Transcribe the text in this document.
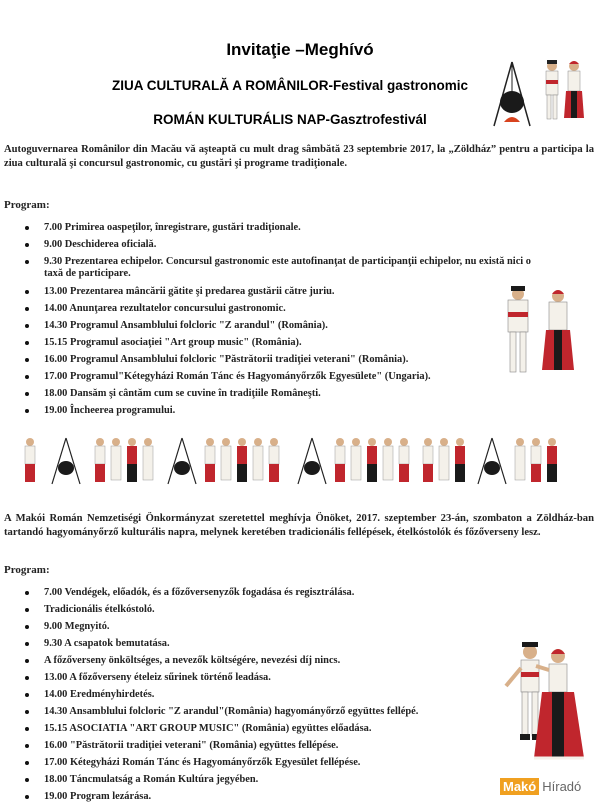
Invitaţie –Meghívó
ZIUA CULTURALĂ A ROMÂNILOR-Festival gastronomic
ROMÁN KULTURÁLIS NAP-Gasztrofestivál
Autoguvernarea Românilor din Macău vă aşteaptă cu mult drag sâmbătă 23 septembrie 2017, la „Zöldház” pentru a participa la ziua culturală şi concursul gastronomic, cu gustări şi programe tradiţionale.
Program:
7.00 Primirea oaspeţilor, înregistrare, gustări tradiţionale.
9.00 Deschiderea oficială.
9.30 Prezentarea echipelor. Concursul gastronomic este autofinanţat de participanţii echipelor, nu există nici o taxă de participare.
13.00 Prezentarea mâncării gătite şi predarea gustării către juriu.
14.00 Anunţarea rezultatelor concursului gastronomic.
14.30 Programul Ansamblului folcloric "Z arandul" (România).
15.15 Programul asociaţiei "Art group music" (România).
16.00 Programul Ansamblului folcloric "Păstrătorii tradiţiei veterani" (România).
17.00 Programul"Kétegyházi Román Tánc és Hagyományőrzők Egyesülete" (Ungaria).
18.00 Dansăm şi cântăm cum se cuvine în tradiţiile Româneşti.
19.00 Încheerea programului.
A Makói Román Nemzetiségi Önkormányzat szeretettel meghívja Önöket, 2017. szeptember 23-án, szombaton a Zöldház-ban tartandó hagyományőrző kulturális napra, melynek keretében tradicionális fellépések, ételkóstolók és főzőverseny lesz.
Program:
7.00 Vendégek, előadók, és a főzőversenyzők fogadása és regisztrálása.
Tradicionális ételkóstoló.
9.00 Megnyitó.
9.30 A csapatok bemutatása.
A főzőverseny önköltséges, a nevezők költségére, nevezési díj nincs.
13.00 A főzőverseny ételeiz sűrinek történő leadása.
14.00 Eredményhirdetés.
14.30 Ansamblului folcloric "Z arandul"(România) hagyományőrző együttes fellépé.
15.15 ASOCIATIA "ART GROUP MUSIC" (România) együttes előadása.
16.00 "Păstrătorii tradiţiei veterani" (România) együttes fellépése.
17.00 Kétegyházi Román Tánc és Hagyományőrzők Egyesület fellépése.
18.00 Táncmulatság a Román Kultúra jegyében.
19.00 Program lezárása.
Makó Híradó
